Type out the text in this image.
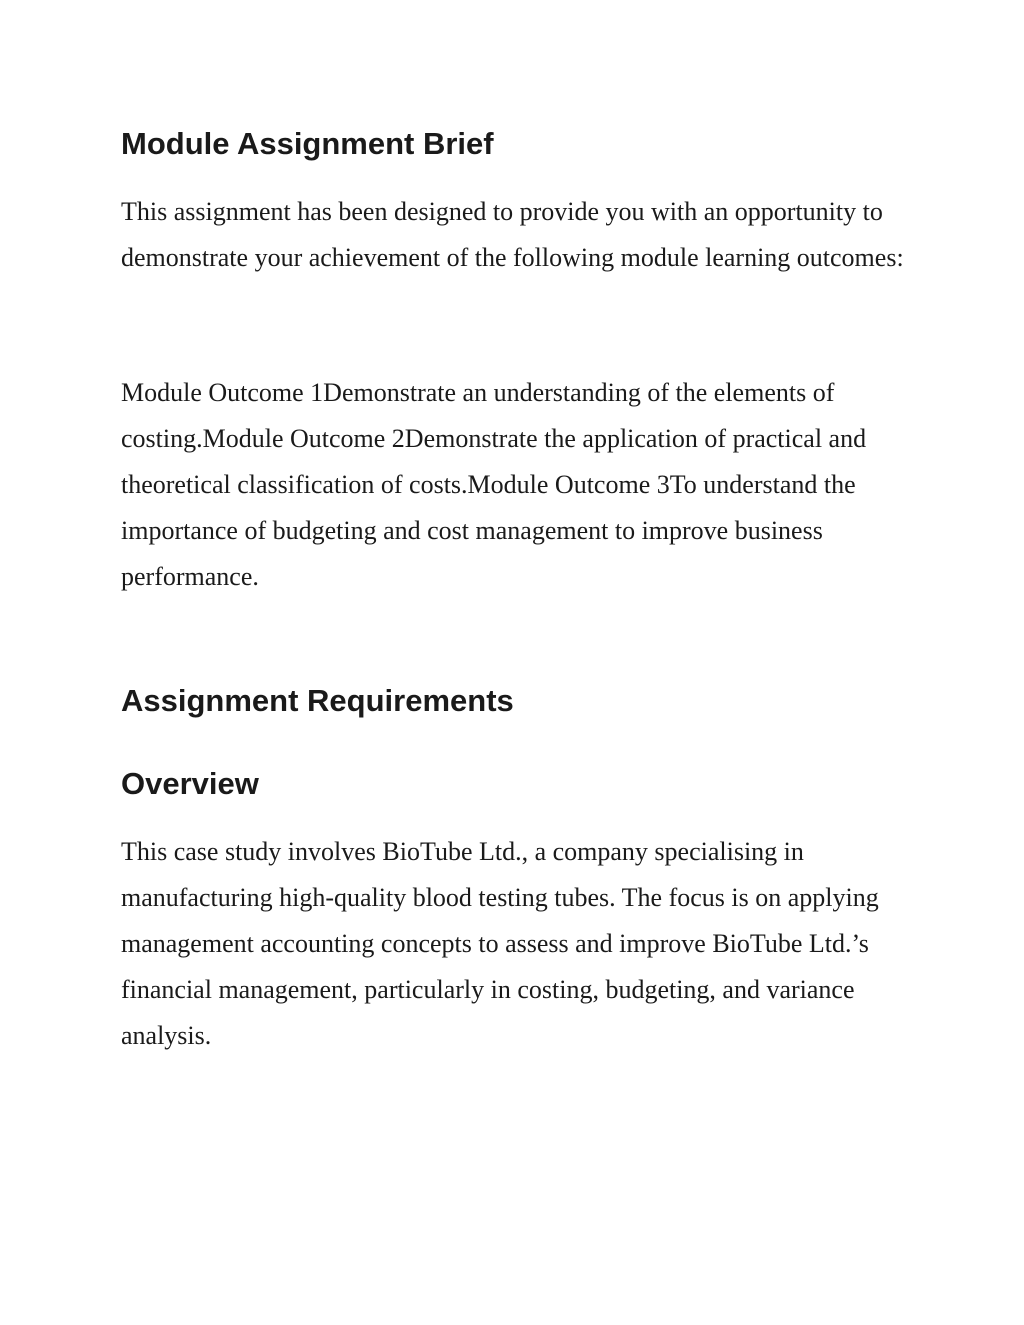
Module Assignment Brief

This assignment has been designed to provide you with an opportunity to demonstrate your achievement of the following module learning outcomes:

Module Outcome 1Demonstrate an understanding of the elements of costing.Module Outcome 2Demonstrate the application of practical and theoretical classification of costs.Module Outcome 3To understand the importance of budgeting and cost management to improve business performance.

Assignment Requirements
Overview

This case study involves BioTube Ltd., a company specialising in manufacturing high-quality blood testing tubes. The focus is on applying management accounting concepts to assess and improve BioTube Ltd.’s financial management, particularly in costing, budgeting, and variance analysis.
